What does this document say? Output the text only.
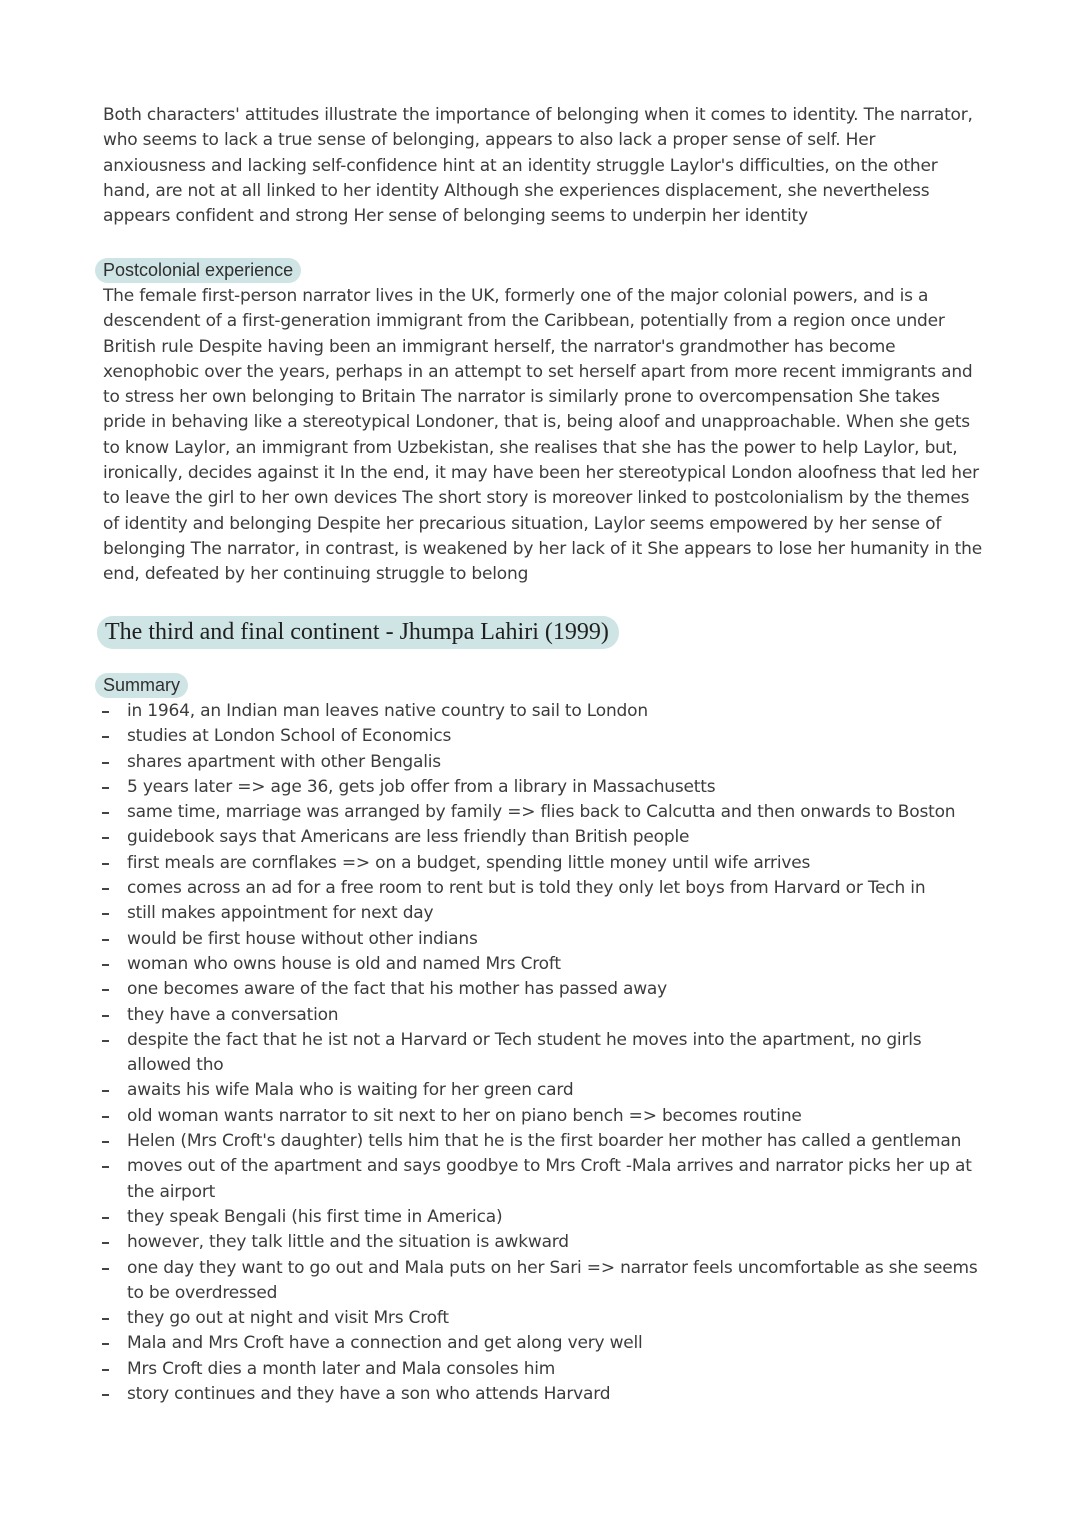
Both characters' attitudes illustrate the importance of belonging when it comes to identity. The narrator, who seems to lack a true sense of belonging, appears to also lack a proper sense of self. Her anxiousness and lacking self-confidence hint at an identity struggle Laylor's difficulties, on the other hand, are not at all linked to her identity Although she experiences displacement, she nevertheless appears confident and strong Her sense of belonging seems to underpin her identity

Postcolonial experience

The female first-person narrator lives in the UK, formerly one of the major colonial powers, and is a descendent of a first-generation immigrant from the Caribbean, potentially from a region once under British rule Despite having been an immigrant herself, the narrator's grandmother has become xenophobic over the years, perhaps in an attempt to set herself apart from more recent immigrants and to stress her own belonging to Britain The narrator is similarly prone to overcompensation She takes pride in behaving like a stereotypical Londoner, that is, being aloof and unapproachable. When she gets to know Laylor, an immigrant from Uzbekistan, she realises that she has the power to help Laylor, but, ironically, decides against it In the end, it may have been her stereotypical London aloofness that led her to leave the girl to her own devices The short story is moreover linked to postcolonialism by the themes of identity and belonging Despite her precarious situation, Laylor seems empowered by her sense of belonging The narrator, in contrast, is weakened by her lack of it She appears to lose her humanity in the end, defeated by her continuing struggle to belong

The third and final continent - Jhumpa Lahiri (1999)
Summary
in 1964, an Indian man leaves native country to sail to London
studies at London School of Economics
shares apartment with other Bengalis
5 years later => age 36, gets job offer from a library in Massachusetts
same time, marriage was arranged by family => flies back to Calcutta and then onwards to Boston
guidebook says that Americans are less friendly than British people
first meals are cornflakes => on a budget, spending little money until wife arrives
comes across an ad for a free room to rent but is told they only let boys from Harvard or Tech in
still makes appointment for next day
would be first house without other indians
woman who owns house is old and named Mrs Croft
one becomes aware of the fact that his mother has passed away
they have a conversation
despite the fact that he ist not a Harvard or Tech student he moves into the apartment, no girls allowed tho
awaits his wife Mala who is waiting for her green card
old woman wants narrator to sit next to her on piano bench => becomes routine
Helen (Mrs Croft's daughter) tells him that he is the first boarder her mother has called a gentleman
moves out of the apartment and says goodbye to Mrs Croft -Mala arrives and narrator picks her up at the airport
they speak Bengali (his first time in America)
however, they talk little and the situation is awkward
one day they want to go out and Mala puts on her Sari => narrator feels uncomfortable as she seems to be overdressed
they go out at night and visit Mrs Croft
Mala and Mrs Croft have a connection and get along very well
Mrs Croft dies a month later and Mala consoles him
story continues and they have a son who attends Harvard
